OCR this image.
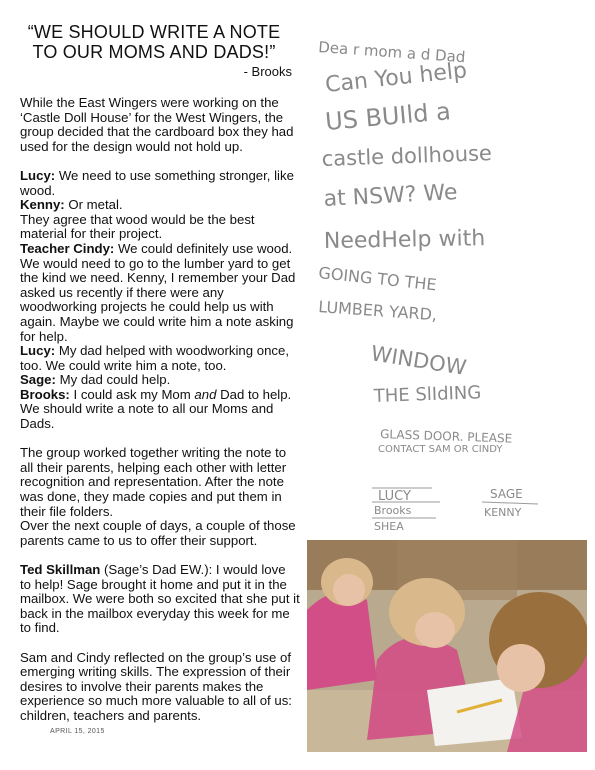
“WE SHOULD WRITE A NOTE TO OUR MOMS AND DADS!”
- Brooks

While the East Wingers were working on the ‘Castle Doll House’ for the West Wingers, the group decided that the cardboard box they had used for the design would not hold up.

Lucy: We need to use something stronger, like wood.

Kenny: Or metal.

They agree that wood would be the best material for their project.

Teacher Cindy: We could definitely use wood. We would need to go to the lumber yard to get the kind we need. Kenny, I remember your Dad asked us recently if there were any woodworking projects he could help us with again. Maybe we could write him a note asking for help.

Lucy: My dad helped with woodworking once, too. We could write him a note, too.

Sage: My dad could help.

Brooks: I could ask my Mom and Dad to help. We should write a note to all our Moms and Dads.

The group worked together writing the note to all their parents, helping each other with letter recognition and representation. After the note was done, they made copies and put them in their file folders.

Over the next couple of days, a couple of those parents came to us to offer their support.

Ted Skillman (Sage’s Dad EW.): I would love to help! Sage brought it home and put it in the mailbox. We were both so excited that she put it back in the mailbox everyday this week for me to find.

Sam and Cindy reflected on the group’s use of emerging writing skills. The expression of their desires to involve their parents makes the experience so much more valuable to all of us: children, teachers and parents.

APRIL 15, 2015
Dea r mom a d Dad
Can You help
US BUIld a
castle dollhouse
at NSW? We
NeedHelp with
GOING TO THE
LUMBER YARD,
WINDOW
THE SlIdING
GLASS DOOR. PLEASE
CONTACT SAM OR CINDY
LUCY	SAGE
Brooks	KENNY
SHEA
